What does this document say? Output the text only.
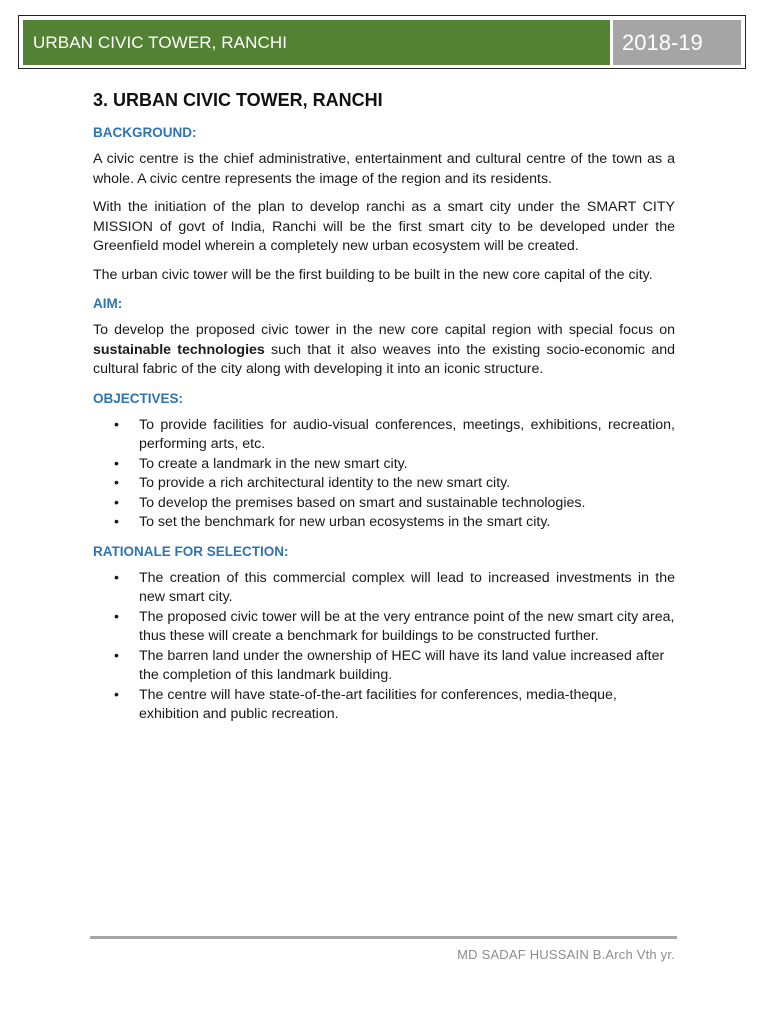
URBAN CIVIC TOWER, RANCHI	2018-19
3. URBAN CIVIC TOWER, RANCHI
BACKGROUND:

A civic centre is the chief administrative, entertainment and cultural centre of the town as a whole. A civic centre represents the image of the region and its residents.

With the initiation of the plan to develop ranchi as a smart city under the SMART CITY MISSION of govt of India, Ranchi will be the first smart city to be developed under the Greenfield model wherein a completely new urban ecosystem will be created.

The urban civic tower will be the first building to be built in the new core capital of the city.

AIM:

To develop the proposed civic tower in the new core capital region with special focus on sustainable technologies such that it also weaves into the existing socio-economic and cultural fabric of the city along with developing it into an iconic structure.

OBJECTIVES:
• To provide facilities for audio-visual conferences, meetings, exhibitions, recreation, performing arts, etc.
• To create a landmark in the new smart city.
• To provide a rich architectural identity to the new smart city.
• To develop the premises based on smart and sustainable technologies.
• To set the benchmark for new urban ecosystems in the smart city.
RATIONALE FOR SELECTION:
• The creation of this commercial complex will lead to increased investments in the new smart city.
• The proposed civic tower will be at the very entrance point of the new smart city area, thus these will create a benchmark for buildings to be constructed further.
• The barren land under the ownership of HEC will have its land value increased after the completion of this landmark building.
• The centre will have state-of-the-art facilities for conferences, media-theque, exhibition and public recreation.
MD SADAF HUSSAIN B.Arch Vth yr.
